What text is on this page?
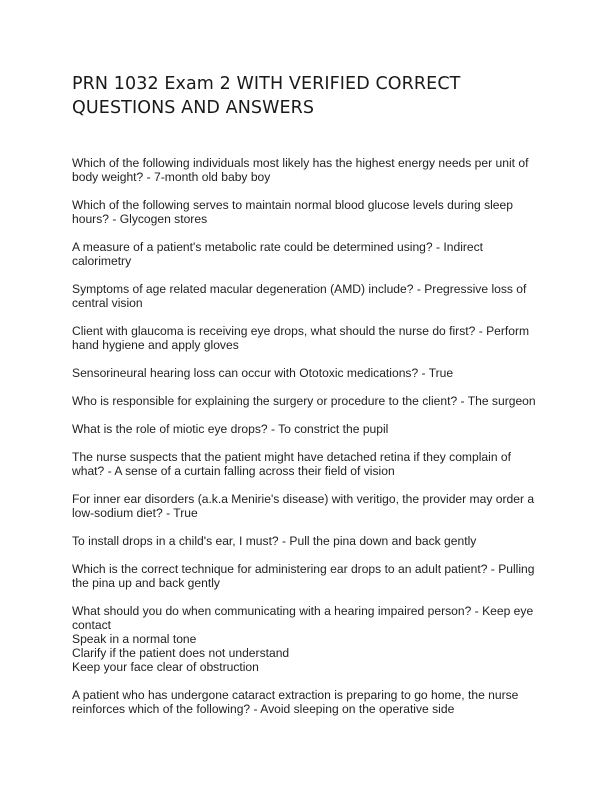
PRN 1032 Exam 2 WITH VERIFIED CORRECT QUESTIONS AND ANSWERS

Which of the following individuals most likely has the highest energy needs per unit of body weight? - 7-month old baby boy

Which of the following serves to maintain normal blood glucose levels during sleep hours? - Glycogen stores

A measure of a patient's metabolic rate could be determined using? - Indirect calorimetry

Symptoms of age related macular degeneration (AMD) include? - Pregressive loss of central vision

Client with glaucoma is receiving eye drops, what should the nurse do first? - Perform hand hygiene and apply gloves

Sensorineural hearing loss can occur with Ototoxic medications? - True

Who is responsible for explaining the surgery or procedure to the client? - The surgeon

What is the role of miotic eye drops? - To constrict the pupil

The nurse suspects that the patient might have detached retina if they complain of what? - A sense of a curtain falling across their field of vision

For inner ear disorders (a.k.a Menirie's disease) with veritigo, the provider may order a low-sodium diet? - True

To install drops in a child's ear, I must? - Pull the pina down and back gently

Which is the correct technique for administering ear drops to an adult patient? - Pulling the pina up and back gently

What should you do when communicating with a hearing impaired person? - Keep eye contact
Speak in a normal tone
Clarify if the patient does not understand
Keep your face clear of obstruction

A patient who has undergone cataract extraction is preparing to go home, the nurse reinforces which of the following? - Avoid sleeping on the operative side
